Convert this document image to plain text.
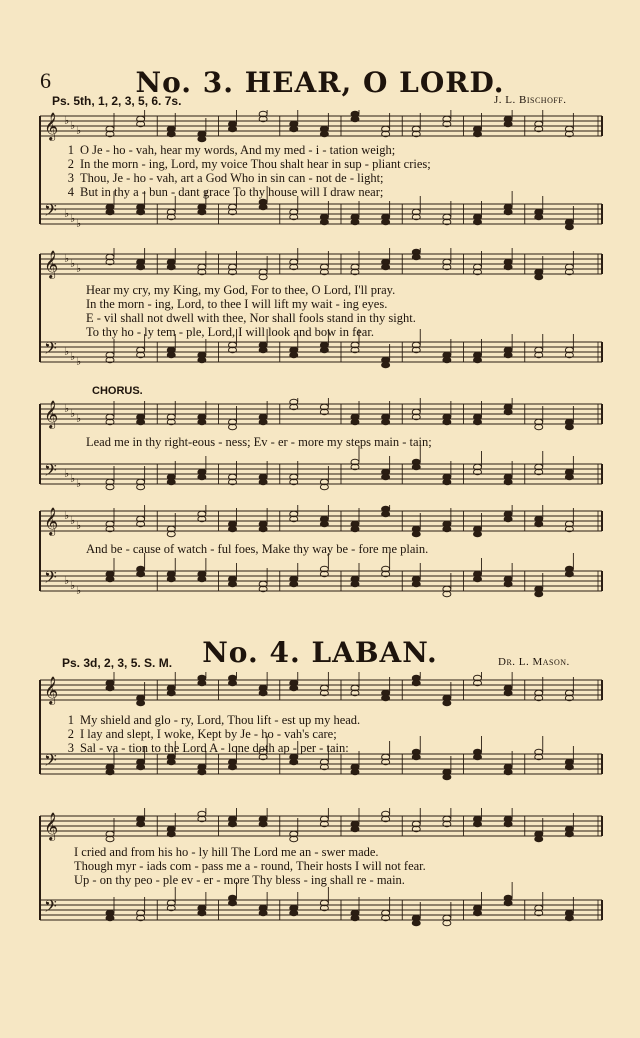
6	No. 3. HEAR, O LORD.
Ps. 5th, 1, 2, 3, 5, 6. 7s.	J. L. Bischoff.
𝄞
𝄢
♭
♭
♭
♭
♭
♭
1 O Je - ho - vah, hear my words, And my med - i - tation weigh;
2 In the morn - ing, Lord, my voice Thou shalt hear in sup - pliant cries;
3 Thou, Je - ho - vah, art a God Who in sin can - not de - light;
4 But in thy a - bun - dant grace To thy house will I draw near;
𝄞
𝄢
♭
♭
♭
♭
♭
♭
Hear my cry, my King, my God, For to thee, O Lord, I'll pray.
In the morn - ing, Lord, to thee I will lift my wait - ing eyes.
E - vil shall not dwell with thee, Nor shall fools stand in thy sight.
To thy ho - ly tem - ple, Lord, I will look and bow in fear.
CHORUS.
𝄞
𝄢
♭
♭
♭
♭
♭
♭
Lead me in thy right-eous - ness; Ev - er - more my steps main - tain;
𝄞
𝄢
♭
♭
♭
♭
♭
♭
And be - cause of watch - ful foes, Make thy way be - fore me plain.
No. 4. LABAN.
Ps. 3d, 2, 3, 5. S. M.	Dr. L. Mason.
𝄞
𝄢
1 My shield and glo - ry, Lord, Thou lift - est up my head.
2 I lay and slept, I woke, Kept by Je - ho - vah's care;
3 Sal - va - tion to the Lord A - lone doth ap - per - tain:
𝄞
𝄢
I cried and from his ho - ly hill The Lord me an - swer made.
Though myr - iads com - pass me a - round, Their hosts I will not fear.
Up - on thy peo - ple ev - er - more Thy bless - ing shall re - main.
